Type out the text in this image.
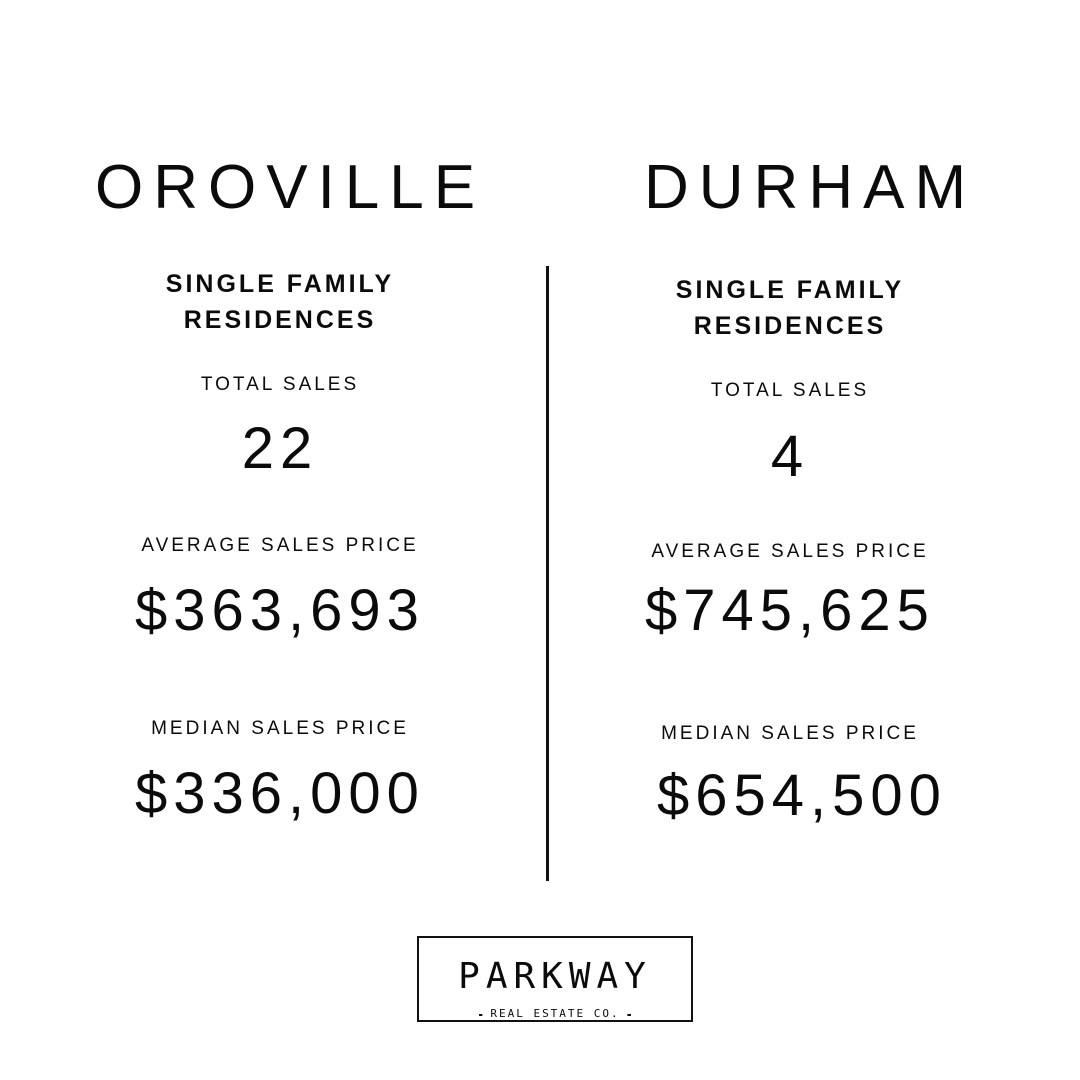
OROVILLE	DURHAM
SINGLE FAMILY
RESIDENCES
TOTAL SALES
22
AVERAGE SALES PRICE
$363,693
MEDIAN SALES PRICE
$336,000
SINGLE FAMILY
RESIDENCES
TOTAL SALES
4
AVERAGE SALES PRICE
$745,625
MEDIAN SALES PRICE
$654,500
PARKWAY
REAL ESTATE CO.
